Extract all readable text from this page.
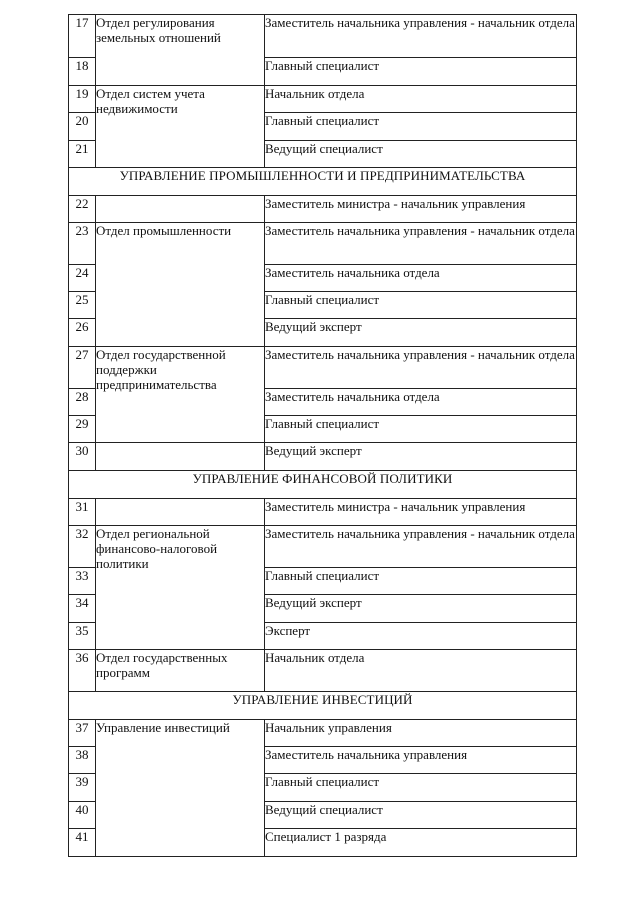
17	Отдел регулирования земельных отношений	Заместитель начальника управления - начальник отдела
18		Главный специалист
19	Отдел систем учета недвижимости	Начальник отдела
20		Главный специалист
21		Ведущий специалист
УПРАВЛЕНИЕ ПРОМЫШЛЕННОСТИ И ПРЕДПРИНИМАТЕЛЬСТВА		
22		Заместитель министра - начальник управления
23	Отдел промышленности	Заместитель начальника управления - начальник отдела
24		Заместитель начальника отдела
25		Главный специалист
26		Ведущий эксперт
27	Отдел государственной поддержки предпринимательства	Заместитель начальника управления - начальник отдела
28		Заместитель начальника отдела
29		Главный специалист
30		Ведущий эксперт
УПРАВЛЕНИЕ ФИНАНСОВОЙ ПОЛИТИКИ		
31		Заместитель министра - начальник управления
32	Отдел региональной финансово-налоговой политики	Заместитель начальника управления - начальник отдела
33		Главный специалист
34		Ведущий эксперт
35		Эксперт
36	Отдел государственных программ	Начальник отдела
УПРАВЛЕНИЕ ИНВЕСТИЦИЙ		
37	Управление инвестиций	Начальник управления
38		Заместитель начальника управления
39		Главный специалист
40		Ведущий специалист
41		Специалист 1 разряда
